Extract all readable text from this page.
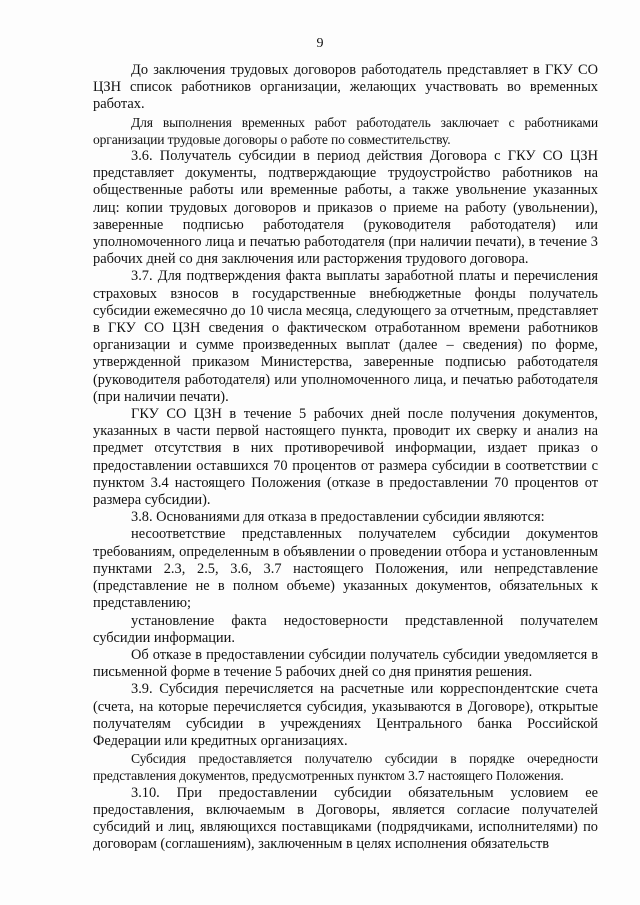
9

До заключения трудовых договоров работодатель представляет в ГКУ СО ЦЗН список работников организации, желающих участвовать во временных работах.

Для выполнения временных работ работодатель заключает с работниками организации трудовые договоры о работе по совместительству.

3.6. Получатель субсидии в период действия Договора с ГКУ СО ЦЗН представляет документы, подтверждающие трудоустройство работников на общественные работы или временные работы, а также увольнение указанных лиц: копии трудовых договоров и приказов о приеме на работу (увольнении), заверенные подписью работодателя (руководителя работодателя) или уполномоченного лица и печатью работодателя (при наличии печати), в течение 3 рабочих дней со дня заключения или расторжения трудового договора.

3.7. Для подтверждения факта выплаты заработной платы и перечисления страховых взносов в государственные внебюджетные фонды получатель субсидии ежемесячно до 10 числа месяца, следующего за отчетным, представляет в ГКУ СО ЦЗН сведения о фактическом отработанном времени работников организации и сумме произведенных выплат (далее – сведения) по форме, утвержденной приказом Министерства, заверенные подписью работодателя (руководителя работодателя) или уполномоченного лица, и печатью работодателя (при наличии печати).

ГКУ СО ЦЗН в течение 5 рабочих дней после получения документов, указанных в части первой настоящего пункта, проводит их сверку и анализ на предмет отсутствия в них противоречивой информации, издает приказ о предоставлении оставшихся 70 процентов от размера субсидии в соответствии с пунктом 3.4 настоящего Положения (отказе в предоставлении 70 процентов от размера субсидии).

3.8. Основаниями для отказа в предоставлении субсидии являются:

несоответствие представленных получателем субсидии документов требованиям, определенным в объявлении о проведении отбора и установленным пунктами 2.3, 2.5, 3.6, 3.7 настоящего Положения, или непредставление (представление не в полном объеме) указанных документов, обязательных к представлению;

установление факта недостоверности представленной получателем субсидии информации.

Об отказе в предоставлении субсидии получатель субсидии уведомляется в письменной форме в течение 5 рабочих дней со дня принятия решения.

3.9. Субсидия перечисляется на расчетные или корреспондентские счета (счета, на которые перечисляется субсидия, указываются в Договоре), открытые получателям субсидии в учреждениях Центрального банка Российской Федерации или кредитных организациях.

Субсидия предоставляется получателю субсидии в порядке очередности представления документов, предусмотренных пунктом 3.7 настоящего Положения.

3.10. При предоставлении субсидии обязательным условием ее предоставления, включаемым в Договоры, является согласие получателей субсидий и лиц, являющихся поставщиками (подрядчиками, исполнителями) по договорам (соглашениям), заключенным в целях исполнения обязательств
